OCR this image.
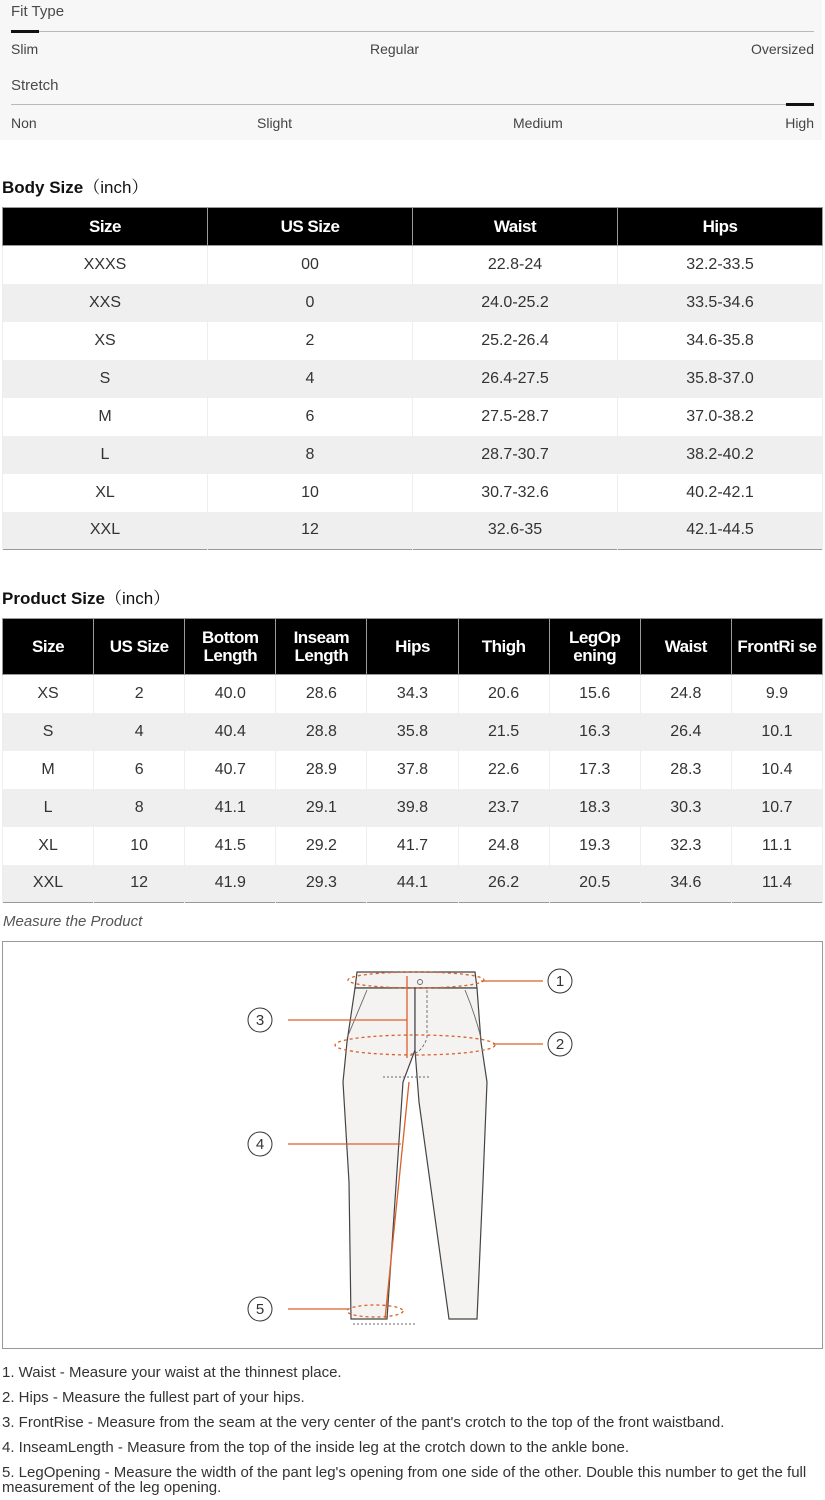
Fit Type
Slim	Regular	Oversized
Stretch
Non	Slight	Medium	High
Body Size（inch）
Size	US Size	Waist	Hips
XXXS	00	22.8-24	32.2-33.5
XXS	0	24.0-25.2	33.5-34.6
XS	2	25.2-26.4	34.6-35.8
S	4	26.4-27.5	35.8-37.0
M	6	27.5-28.7	37.0-38.2
L	8	28.7-30.7	38.2-40.2
XL	10	30.7-32.6	40.2-42.1
XXL	12	32.6-35	42.1-44.5
Product Size（inch）
Size	US Size	Bottom Length	Inseam Length	Hips	Thigh	LegOp ening	Waist	FrontRi se
XS	2	40.0	28.6	34.3	20.6	15.6	24.8	9.9
S	4	40.4	28.8	35.8	21.5	16.3	26.4	10.1
M	6	40.7	28.9	37.8	22.6	17.3	28.3	10.4
L	8	41.1	29.1	39.8	23.7	18.3	30.3	10.7
XL	10	41.5	29.2	41.7	24.8	19.3	32.3	11.1
XXL	12	41.9	29.3	44.1	26.2	20.5	34.6	11.4
Measure the Product
1
2
3
4
5
1. Waist - Measure your waist at the thinnest place.
2. Hips - Measure the fullest part of your hips.
3. FrontRise - Measure from the seam at the very center of the pant's crotch to the top of the front waistband.
4. InseamLength - Measure from the top of the inside leg at the crotch down to the ankle bone.
5. LegOpening - Measure the width of the pant leg's opening from one side of the other. Double this number to get the full measurement of the leg opening.
